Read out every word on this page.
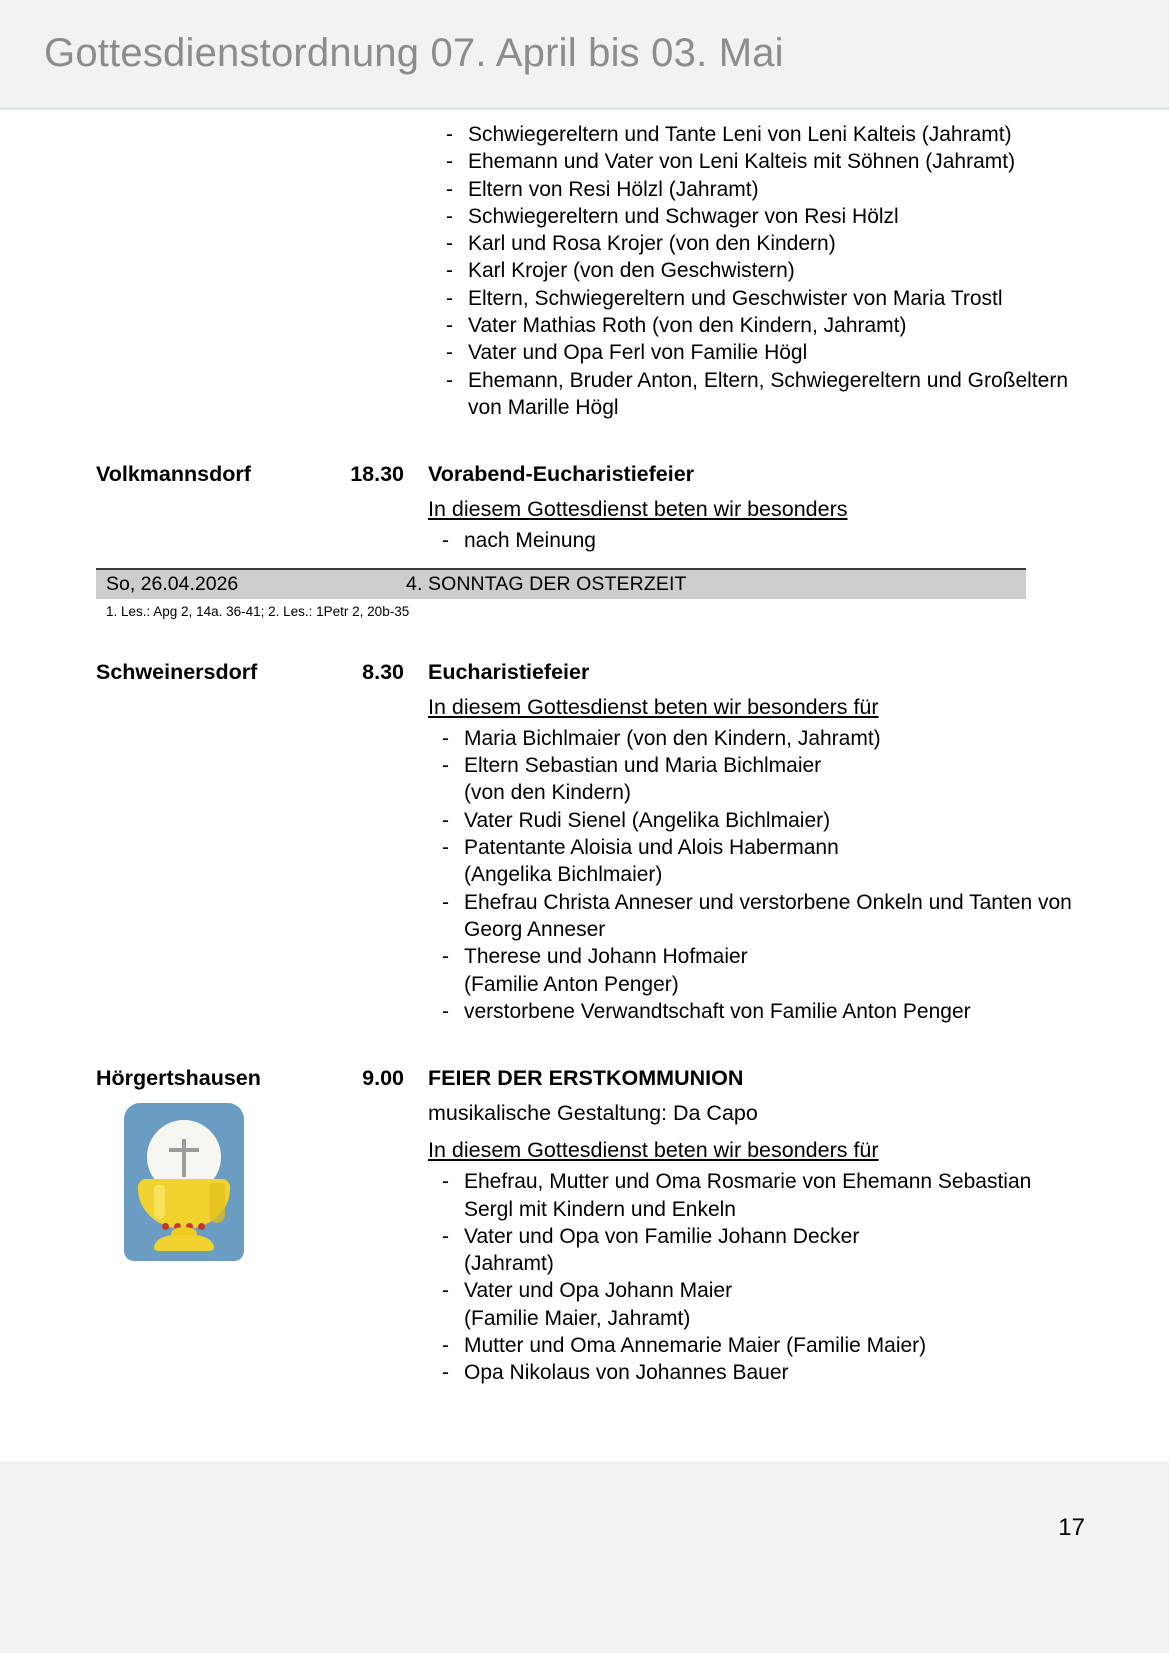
Gottesdienstordnung 07. April bis 03. Mai
- Schwiegereltern und Tante Leni von Leni Kalteis (Jahramt)
- Ehemann und Vater von Leni Kalteis mit Söhnen (Jahramt)
- Eltern von Resi Hölzl (Jahramt)
- Schwiegereltern und Schwager von Resi Hölzl
- Karl und Rosa Krojer (von den Kindern)
- Karl Krojer (von den Geschwistern)
- Eltern, Schwiegereltern und Geschwister von Maria Trostl
- Vater Mathias Roth (von den Kindern, Jahramt)
- Vater und Opa Ferl von Familie Högl
- Ehemann, Bruder Anton, Eltern, Schwiegereltern und Großeltern von Marille Högl
Volkmannsdorf	18.30	Vorabend-Eucharistiefeier
In diesem Gottesdienst beten wir besonders
- nach Meinung
So, 26.04.2026	4. SONNTAG DER OSTERZEIT
1. Les.: Apg 2, 14a. 36-41; 2. Les.: 1Petr 2, 20b-35
Schweinersdorf	8.30	Eucharistiefeier
In diesem Gottesdienst beten wir besonders für
- Maria Bichlmaier (von den Kindern, Jahramt)
- Eltern Sebastian und Maria Bichlmaier
(von den Kindern)
- Vater Rudi Sienel (Angelika Bichlmaier)
- Patentante Aloisia und Alois Habermann
(Angelika Bichlmaier)
- Ehefrau Christa Anneser und verstorbene Onkeln und Tanten von Georg Anneser
- Therese und Johann Hofmaier
(Familie Anton Penger)
- verstorbene Verwandtschaft von Familie Anton Penger
Hörgertshausen	9.00	FEIER DER ERSTKOMMUNION
musikalische Gestaltung: Da Capo
In diesem Gottesdienst beten wir besonders für
- Ehefrau, Mutter und Oma Rosmarie von Ehemann Sebastian Sergl mit Kindern und Enkeln
- Vater und Opa von Familie Johann Decker
(Jahramt)
- Vater und Opa Johann Maier
(Familie Maier, Jahramt)
- Mutter und Oma Annemarie Maier (Familie Maier)
- Opa Nikolaus von Johannes Bauer
17
